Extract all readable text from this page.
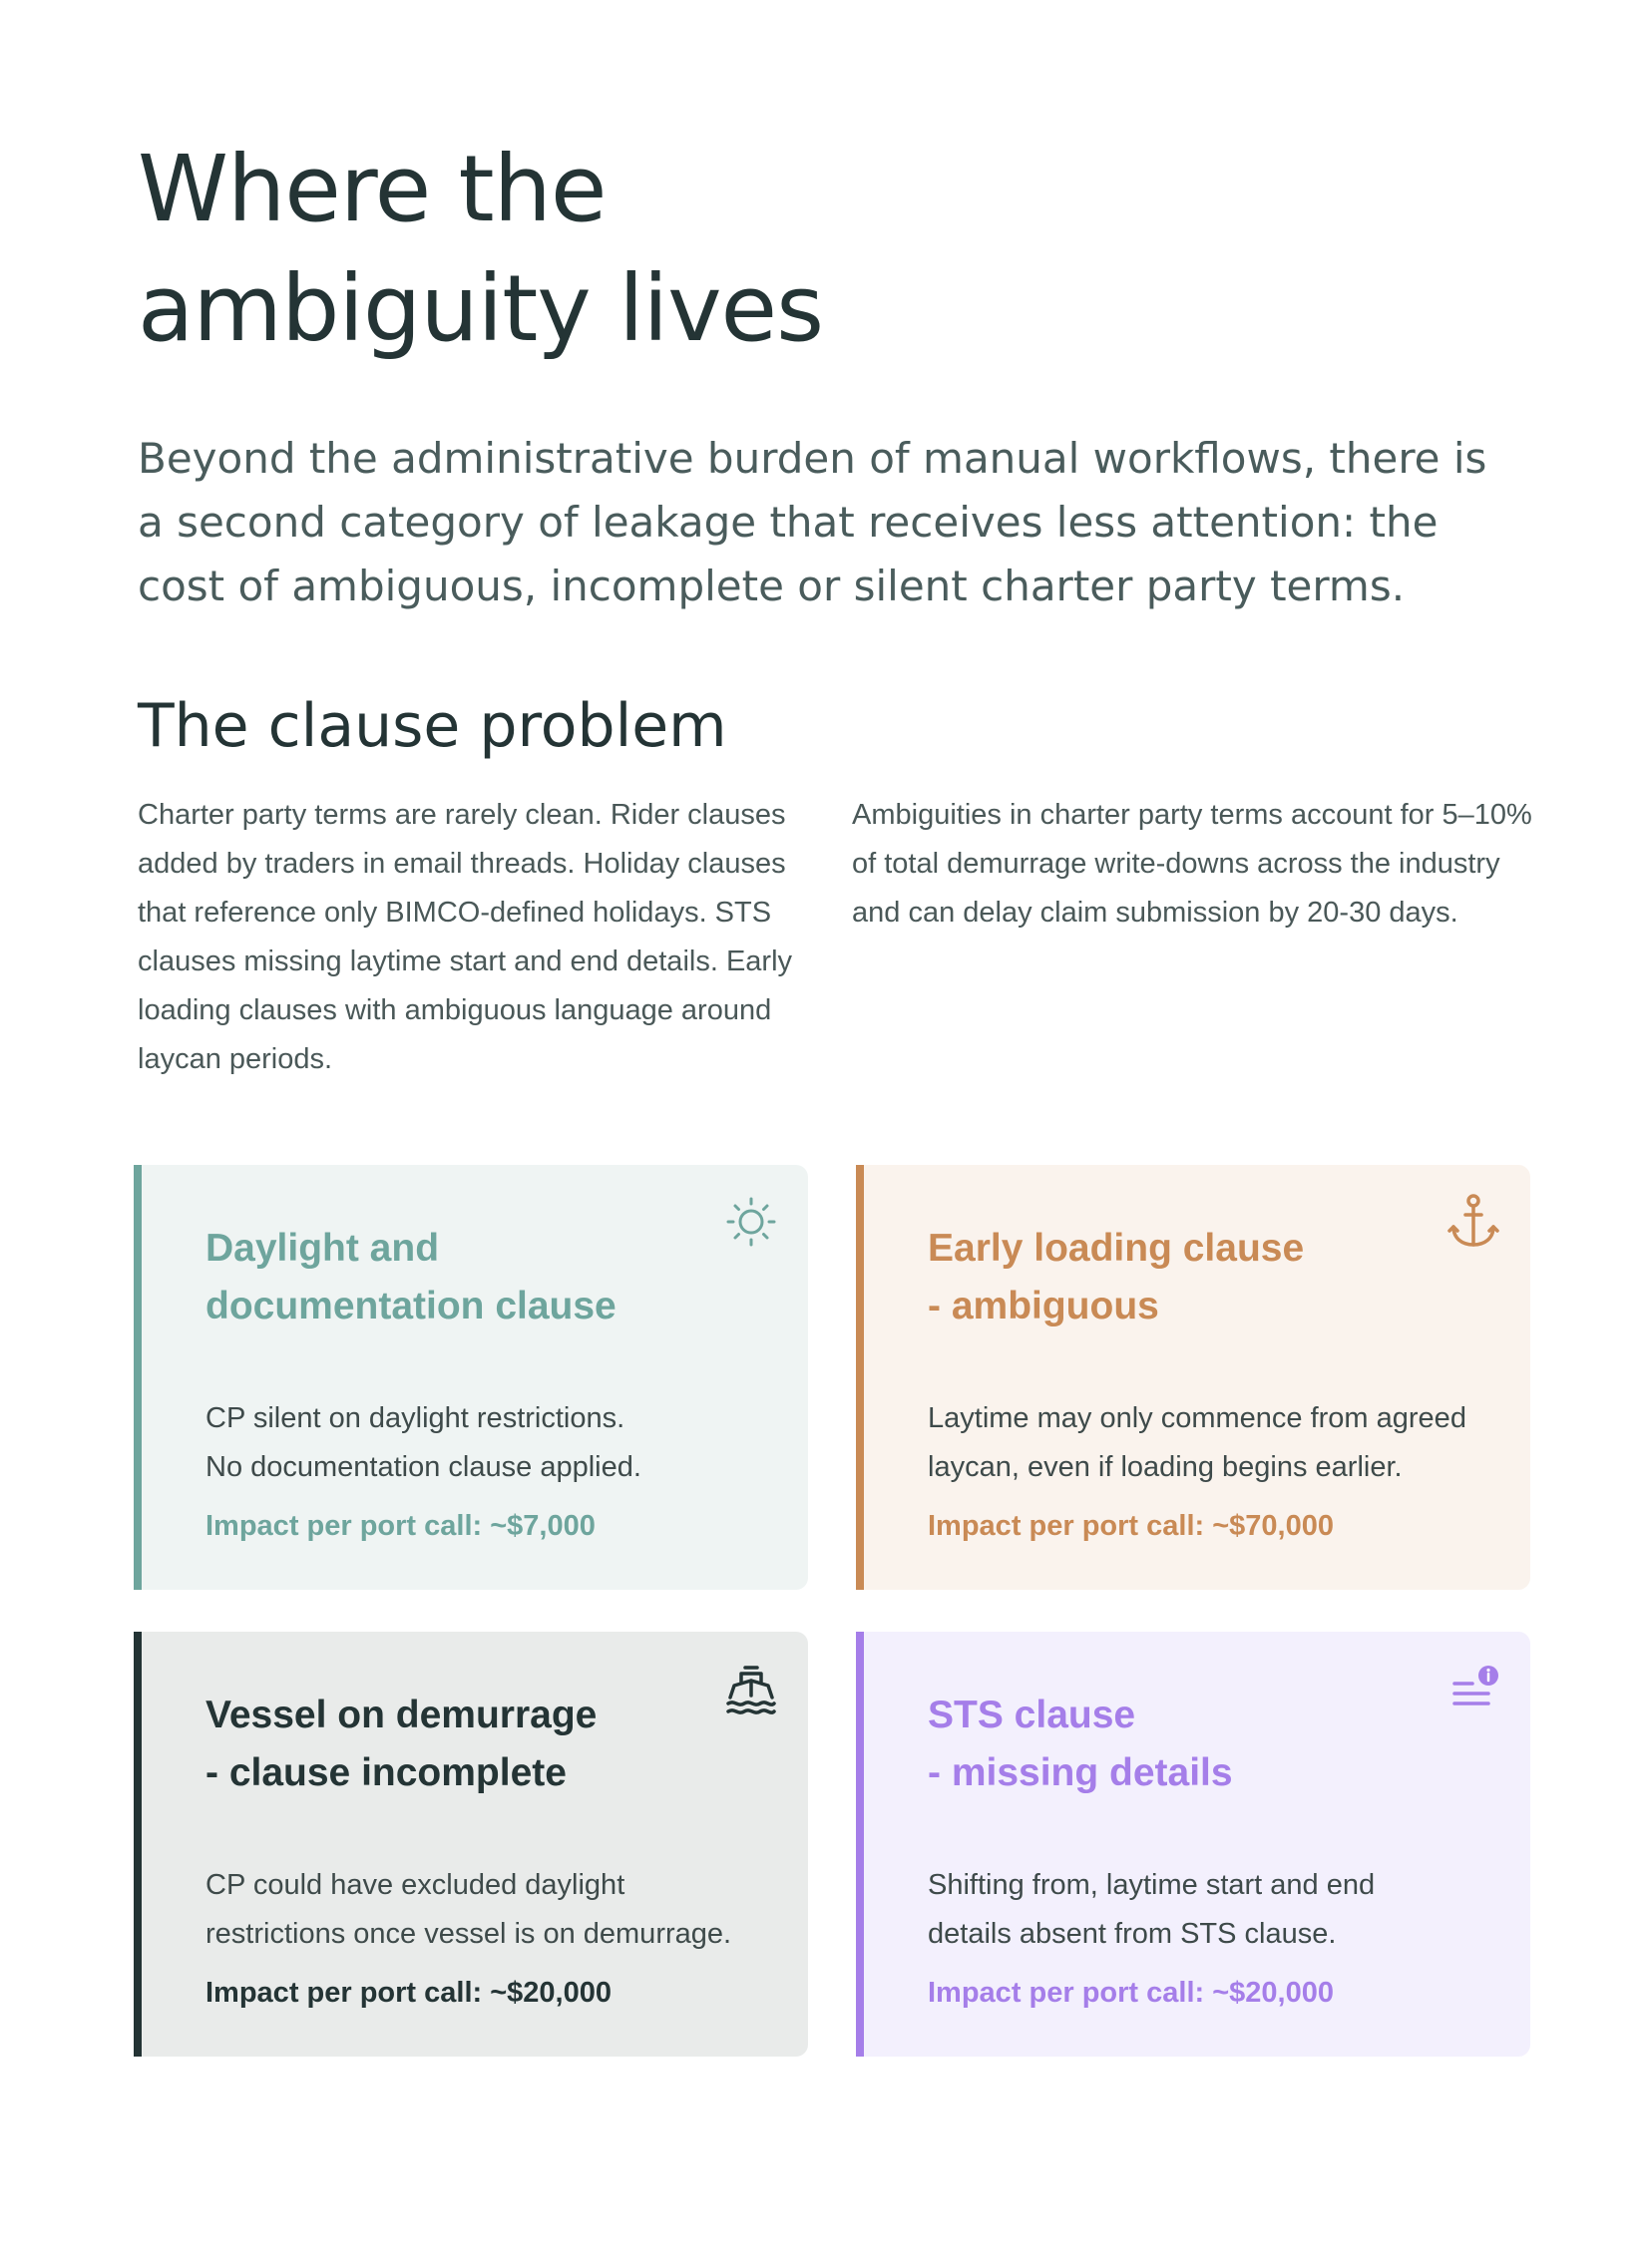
Where the
ambiguity lives

Beyond the administrative burden of manual workflows, there is a second category of leakage that receives less attention: the cost of ambiguous, incomplete or silent charter party terms.

The clause problem

Charter party terms are rarely clean. Rider clauses added by traders in email threads. Holiday clauses that reference only BIMCO-defined holidays. STS clauses missing laytime start and end details. Early loading clauses with ambiguous language around laycan periods.

Ambiguities in charter party terms account for 5–10% of total demurrage write-downs across the industry and can delay claim submission by 20-30 days.

Daylight and
documentation clause

CP silent on daylight restrictions.
No documentation clause applied.

Impact per port call: ~$7,000

Early loading clause
- ambiguous

Laytime may only commence from agreed
laycan, even if loading begins earlier.

Impact per port call: ~$70,000

Vessel on demurrage
- clause incomplete

CP could have excluded daylight
restrictions once vessel is on demurrage.

Impact per port call: ~$20,000

STS clause
- missing details

Shifting from, laytime start and end
details absent from STS clause.

Impact per port call: ~$20,000
